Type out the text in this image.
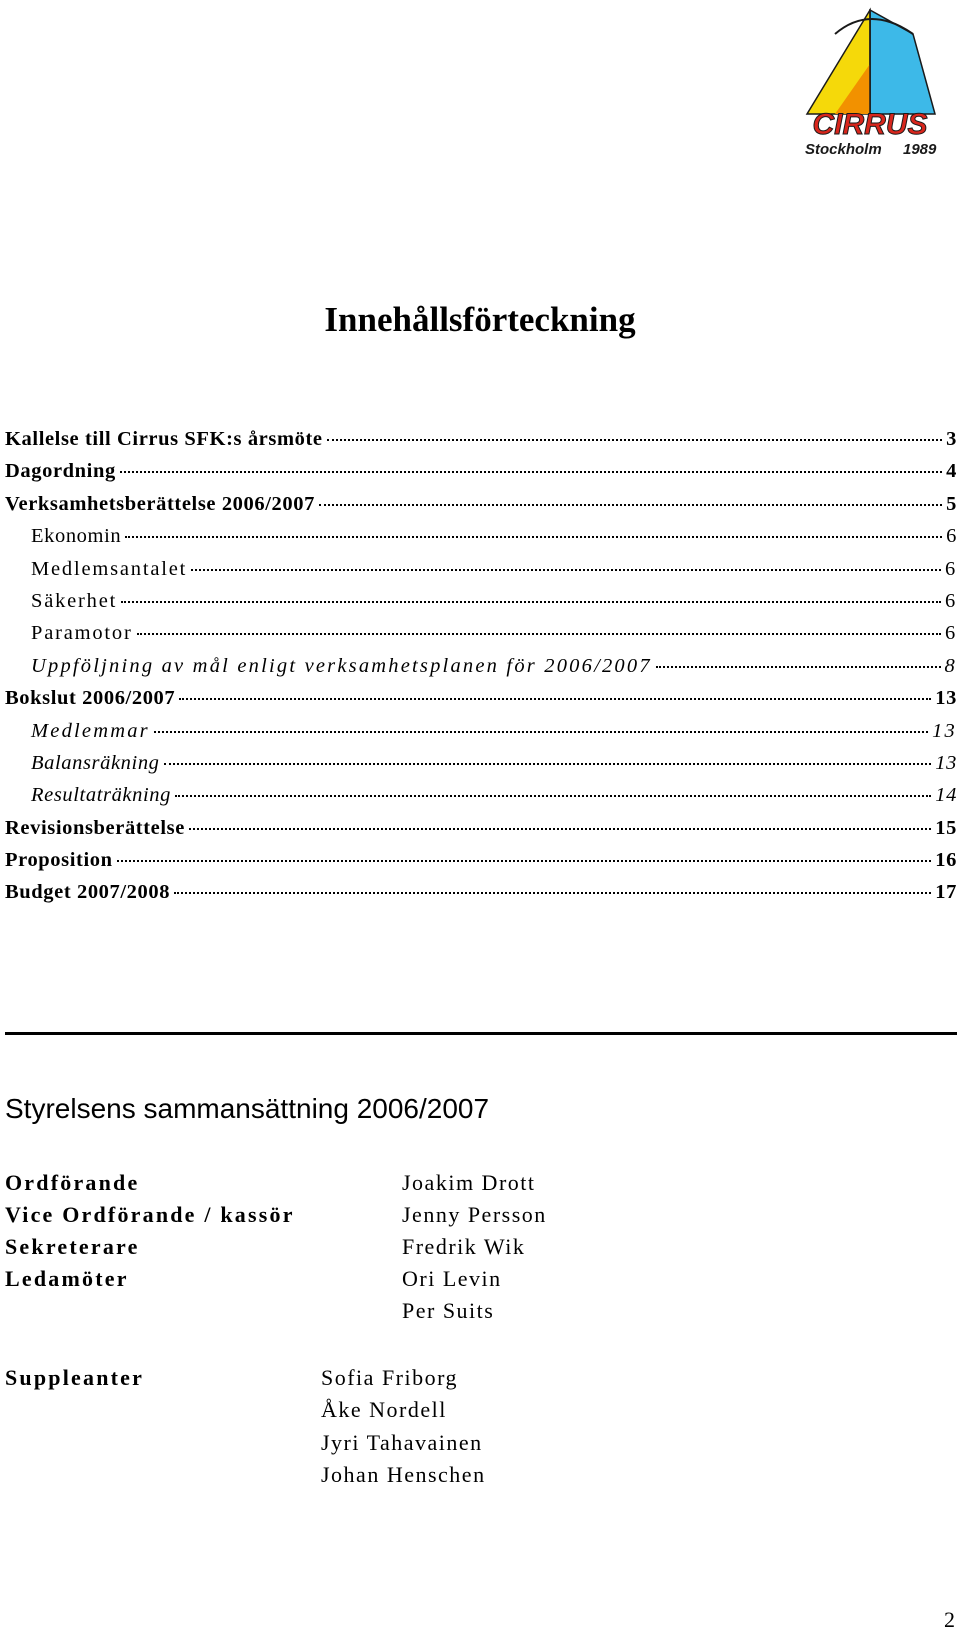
CIRRUS
Stockholm 1989
Innehållsförteckning
Kallelse till Cirrus SFK:s årsmöte	3
Dagordning	4
Verksamhetsberättelse 2006/2007	5
Ekonomin	6
Medlemsantalet	6
Säkerhet	6
Paramotor	6
Uppföljning av mål enligt verksamhetsplanen för 2006/2007	8
Bokslut 2006/2007	13
Medlemmar	13
Balansräkning	13
Resultaträkning	14
Revisionsberättelse	15
Proposition	16
Budget 2007/2008	17
Styrelsens sammansättning 2006/2007
Ordförande	Joakim Drott
Vice Ordförande / kassör	Jenny Persson
Sekreterare	Fredrik Wik
Ledamöter	Ori Levin
Per Suits
Suppleanter	Sofia Friborg
Åke Nordell
Jyri Tahavainen
Johan Henschen
2
